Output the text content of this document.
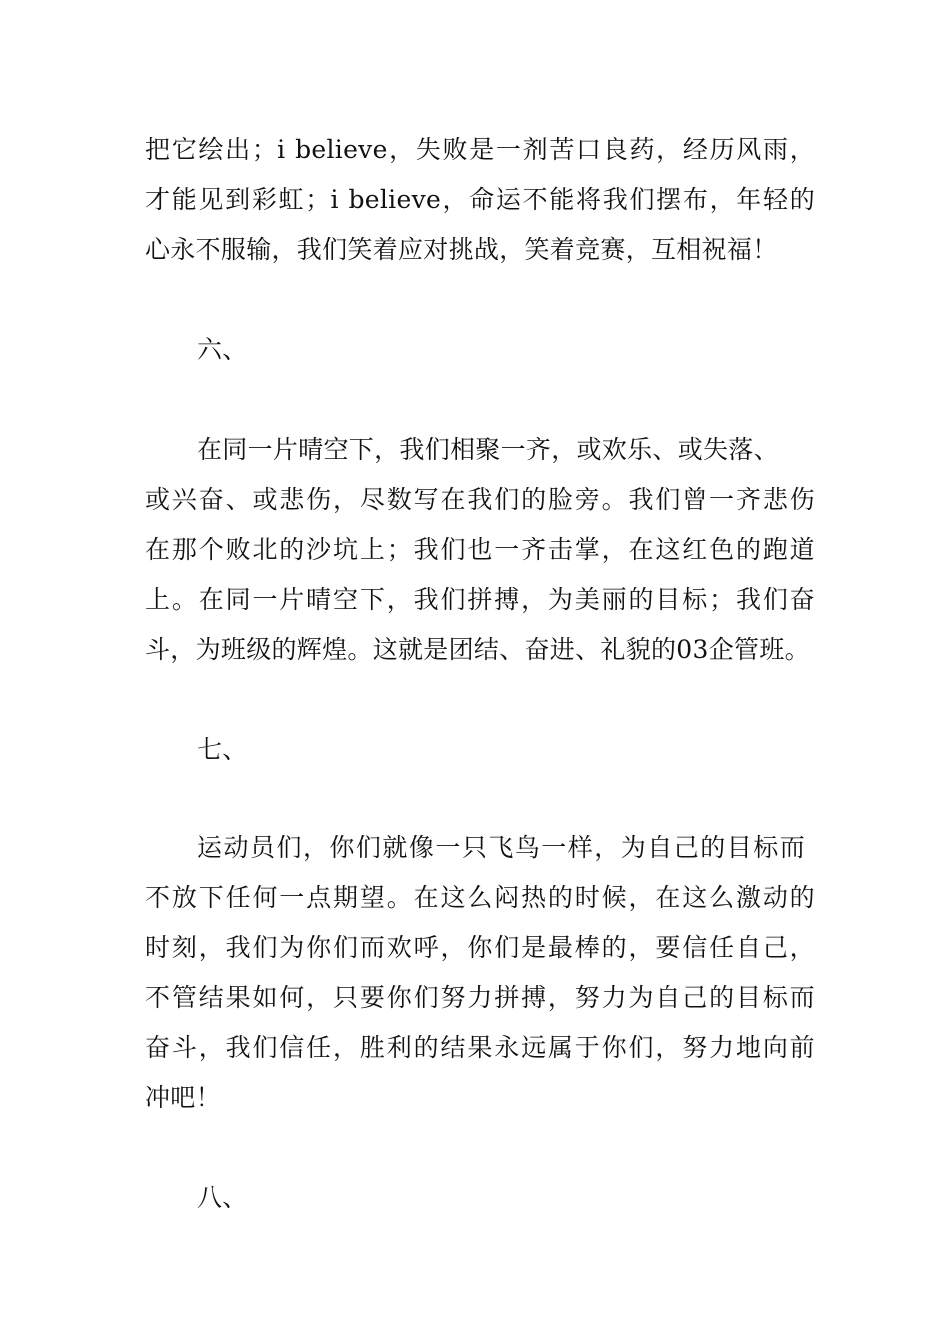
把它绘出；i believe，失败是一剂苦口良药，经历风雨，
才能见到彩虹；i believe，命运不能将我们摆布，年轻的
心永不服输，我们笑着应对挑战，笑着竞赛，互相祝福！
六、
在同一片晴空下，我们相聚一齐，或欢乐、或失落、
或兴奋、或悲伤，尽数写在我们的脸旁。我们曾一齐悲伤
在那个败北的沙坑上；我们也一齐击掌，在这红色的跑道
上。在同一片晴空下，我们拼搏，为美丽的目标；我们奋
斗，为班级的辉煌。这就是团结、奋进、礼貌的03企管班。
七、
运动员们，你们就像一只飞鸟一样，为自己的目标而
不放下任何一点期望。在这么闷热的时候，在这么激动的
时刻，我们为你们而欢呼，你们是最棒的，要信任自己，
不管结果如何，只要你们努力拼搏，努力为自己的目标而
奋斗，我们信任，胜利的结果永远属于你们，努力地向前
冲吧！
八、
